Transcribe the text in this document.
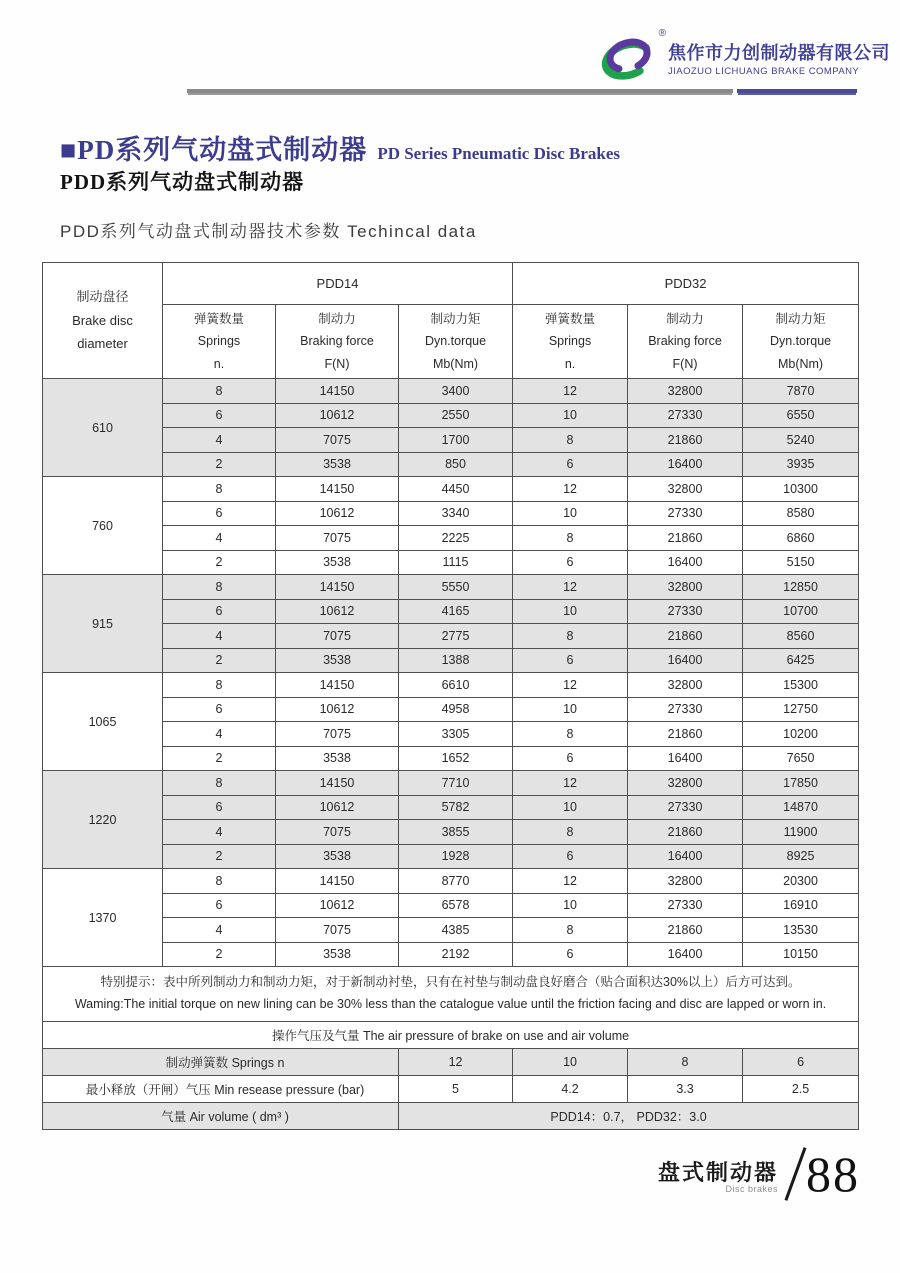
®
焦作市力创制动器有限公司
JIAOZUO LICHUANG BRAKE COMPANY
■PD系列气动盘式制动器 PD Series Pneumatic Disc Brakes
PDD系列气动盘式制动器
PDD系列气动盘式制动器技术参数 Techincal data
制动盘径
Brake disc
diameter	PDD14			PDD32		

	弹簧数量
Springs
n.	制动力
Braking force
F(N)	制动力矩
Dyn.torque
Mb(Nm)	弹簧数量
Springs
n.	制动力
Braking force
F(N)	制动力矩
Dyn.torque
Mb(Nm)

610	8	14150	3400	12	32800	7870
	6	10612	2550	10	27330	6550
	4	7075	1700	8	21860	5240
	2	3538	850	6	16400	3935
760	8	14150	4450	12	32800	10300
	6	10612	3340	10	27330	8580
	4	7075	2225	8	21860	6860
	2	3538	1115	6	16400	5150
915	8	14150	5550	12	32800	12850
	6	10612	4165	10	27330	10700
	4	7075	2775	8	21860	8560
	2	3538	1388	6	16400	6425
1065	8	14150	6610	12	32800	15300
	6	10612	4958	10	27330	12750
	4	7075	3305	8	21860	10200
	2	3538	1652	6	16400	7650
1220	8	14150	7710	12	32800	17850
	6	10612	5782	10	27330	14870
	4	7075	3855	8	21860	11900
	2	3538	1928	6	16400	8925
1370	8	14150	8770	12	32800	20300
	6	10612	6578	10	27330	16910
	4	7075	4385	8	21860	13530
	2	3538	2192	6	16400	10150

特别提示：表中所列制动力和制动力矩，对于新制动衬垫，只有在衬垫与制动盘良好磨合（贴合面积达30%以上）后方可达到。
Waming:The initial torque on new lining can be 30% less than the catalogue value until the friction facing and disc are lapped or worn in.						

操作气压及气量 The air pressure of brake on use and air volume						
制动弹簧数 Springs n			12	10	8	6
最小释放（开闸）气压 Min resease pressure (bar)			5	4.2	3.3	2.5
气量 Air volume ( dm³ )			PDD14：0.7， PDD32：3.0			
盘式制动器
Disc brakes 88
